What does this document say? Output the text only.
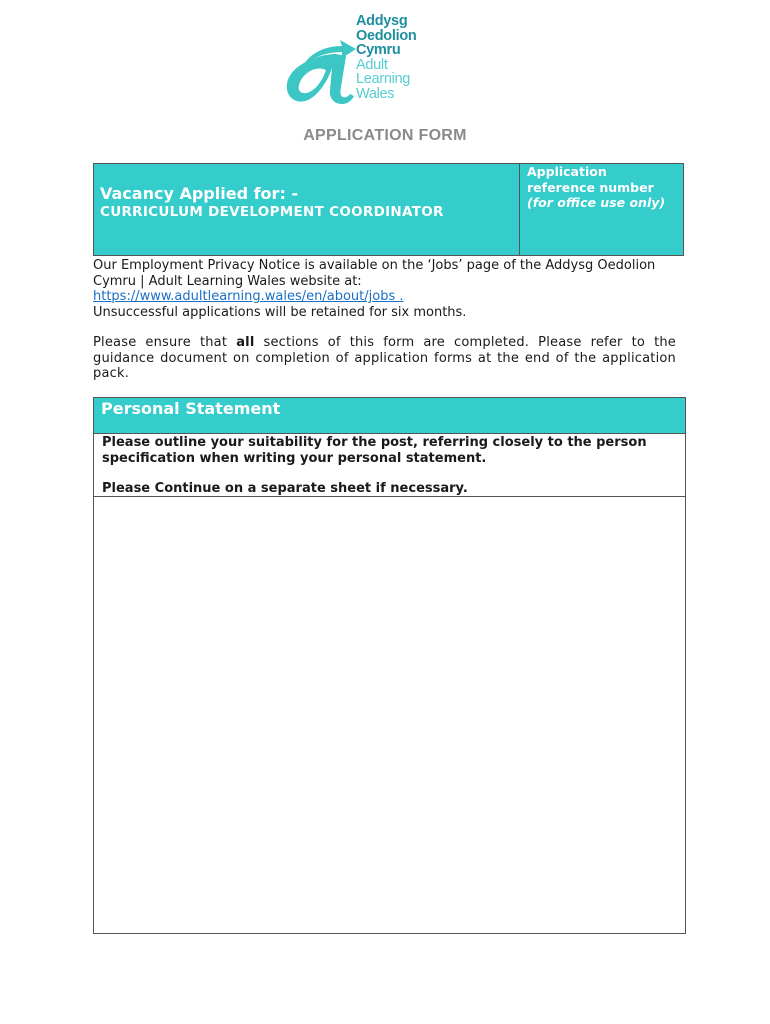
Addysg
Oedolion
Cymru
Adult
Learning
Wales
APPLICATION FORM
Vacancy Applied for: -
CURRICULUM DEVELOPMENT COORDINATOR
Application reference number
(for office use only)
Our Employment Privacy Notice is available on the ‘Jobs’ page of the Addysg Oedolion Cymru | Adult Learning Wales website at:
https://www.adultlearning.wales/en/about/jobs .
Unsuccessful applications will be retained for six months.
Please ensure that all sections of this form are completed. Please refer to the guidance document on completion of application forms at the end of the application pack.
Personal Statement
Please outline your suitability for the post, referring closely to the person specification when writing your personal statement.
Please Continue on a separate sheet if necessary.
